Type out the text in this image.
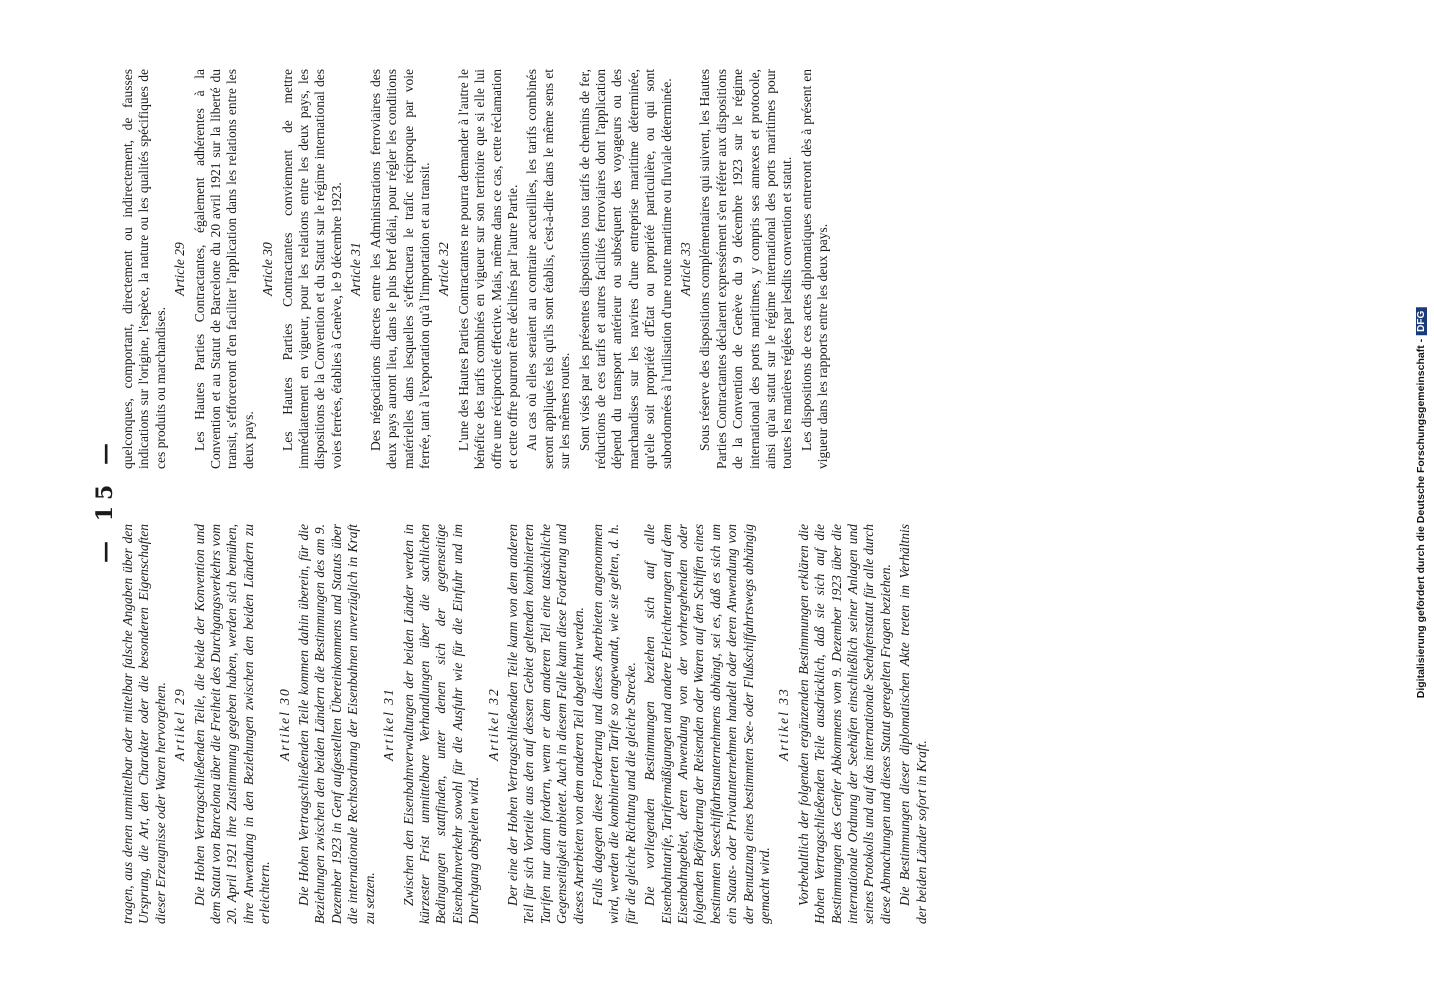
— 15 —

tragen, aus denen unmittelbar oder mittelbar falsche Angaben über den Ursprung, die Art, den Charakter oder die besonderen Eigenschaften dieser Erzeugnisse oder Waren hervorgehen. Artikel 29 Die Hohen Vertragschließenden Teile, die beide der Konvention und dem Statut von Barcelona über die Freiheit des Durchgangsverkehrs vom 20. April 1921 ihre Zustimmung gegeben haben, werden sich bemühen, ihre Anwendung in den Beziehungen zwischen den beiden Ländern zu erleichtern.

Artikel 30 Die Hohen Vertragschließenden Teile kommen dahin überein, für die Beziehungen zwischen den beiden Ländern die Bestimmungen des am 9. Dezember 1923 in Genf aufgestellten Übereinkommens und Statuts über die internationale Rechtsordnung der Eisenbahnen unverzüglich in Kraft zu setzen.

Artikel 31 Zwischen den Eisenbahnverwaltungen der beiden Länder werden in kürzester Frist unmittelbare Verhandlungen über die sachlichen Bedingungen stattfinden, unter denen sich der gegenseitige Eisenbahnverkehr sowohl für die Ausfuhr wie für die Einfuhr und im Durchgang abspielen wird.

Artikel 32 Der eine der Hohen Vertragschließenden Teile kann von dem anderen Teil für sich Vorteile aus den auf dessen Gebiet geltenden kombinierten Tarifen nur dann fordern, wenn er dem anderen Teil eine tatsächliche Gegenseitigkeit anbietet. Auch in diesem Falle kann diese Forderung und dieses Anerbieten von dem anderen Teil abgelehnt werden. Falls dagegen diese Forderung und dieses Anerbieten angenommen wird, werden die kombinierten Tarife so angewandt, wie sie gelten, d. h. für die gleiche Richtung und die gleiche Strecke. Die vorliegenden Bestimmungen beziehen sich auf alle Eisenbahntarife, Tarifermäßigungen und andere Erleichterungen auf dem Eisenbahngebiet, deren Anwendung von der vorhergehenden oder folgenden Beförderung der Reisenden oder Waren auf den Schiffen eines bestimmten Seeschiffahrtsunternehmens abhängt, sei es, daß es sich um ein Staats- oder Privatunternehmen handelt oder deren Anwendung von der Benutzung eines bestimmten See- oder Flußschiffahrtswegs abhängig gemacht wird.

Artikel 33 Vorbehaltlich der folgenden ergänzenden Bestimmungen erklären die Hohen Vertragschließenden Teile ausdrücklich, daß sie sich auf die Bestimmungen des Genfer Abkommens vom 9. Dezember 1923 über die internationale Ordnung der Seehäfen einschließlich seiner Anlagen und seines Protokolls und auf das internationale Seehafenstatut für alle durch diese Abmachungen und dieses Statut geregelten Fragen beziehen. Die Bestimmungen dieser diplomatischen Akte treten im Verhältnis der beiden Länder sofort in Kraft.

quelconques, comportant, directement ou indirectement, de fausses indications sur l'origine, l'espèce, la nature ou les qualités spécifiques de ces produits ou marchandises.

Article 29 Les Hautes Parties Contractantes, également adhérentes à la Convention et au Statut de Barcelone du 20 avril 1921 sur la liberté du transit, s'efforceront d'en faciliter l'application dans les relations entre les deux pays.

Article 30 Les Hautes Parties Contractantes conviennent de mettre immédiatement en vigueur, pour les relations entre les deux pays, les dispositions de la Convention et du Statut sur le régime international des voies ferrées, établies à Genève, le 9 décembre 1923. Article 31 Des négociations directes entre les Administrations ferroviaires des deux pays auront lieu, dans le plus bref délai, pour régler les conditions matérielles dans lesquelles s'effectuera le trafic réciproque par voie ferrée, tant à l'exportation qu'à l'importation et au transit. Article 32 L'une des Hautes Parties Contractantes ne pourra demander à l'autre le bénéfice des tarifs combinés en vigueur sur son territoire que si elle lui offre une réciprocité effective. Mais, même dans ce cas, cette réclamation et cette offre pourront être déclinés par l'autre Partie. Au cas où elles seraient au contraire accueillies, les tarifs combinés seront appliqués tels qu'ils sont établis, c'est-à-dire dans le même sens et sur les mêmes routes. Sont visés par les présentes dispositions tous tarifs de chemins de fer, réductions de ces tarifs et autres facilités ferroviaires dont l'application dépend du transport antérieur ou subséquent des voyageurs ou des marchandises sur les navires d'une entreprise maritime déterminée, qu'elle soit propriété d'État ou propriété particulière, ou qui sont subordonnées à l'utilisation d'une route maritime ou fluviale déterminée. Article 33 Sous réserve des dispositions complémentaires qui suivent, les Hautes Parties Contractantes déclarent expressément s'en référer aux dispositions de la Convention de Genève du 9 décembre 1923 sur le régime international des ports maritimes, y compris ses annexes et protocole, ainsi qu'au statut sur le régime international des ports maritimes pour toutes les matières réglées par lesdits convention et statut. Les dispositions de ces actes diplomatiques entreront dès à présent en vigueur dans les rapports entre les deux pays.	Digitalisierung gefördert durch die Deutsche Forschungsgemeinschaft -DFG
